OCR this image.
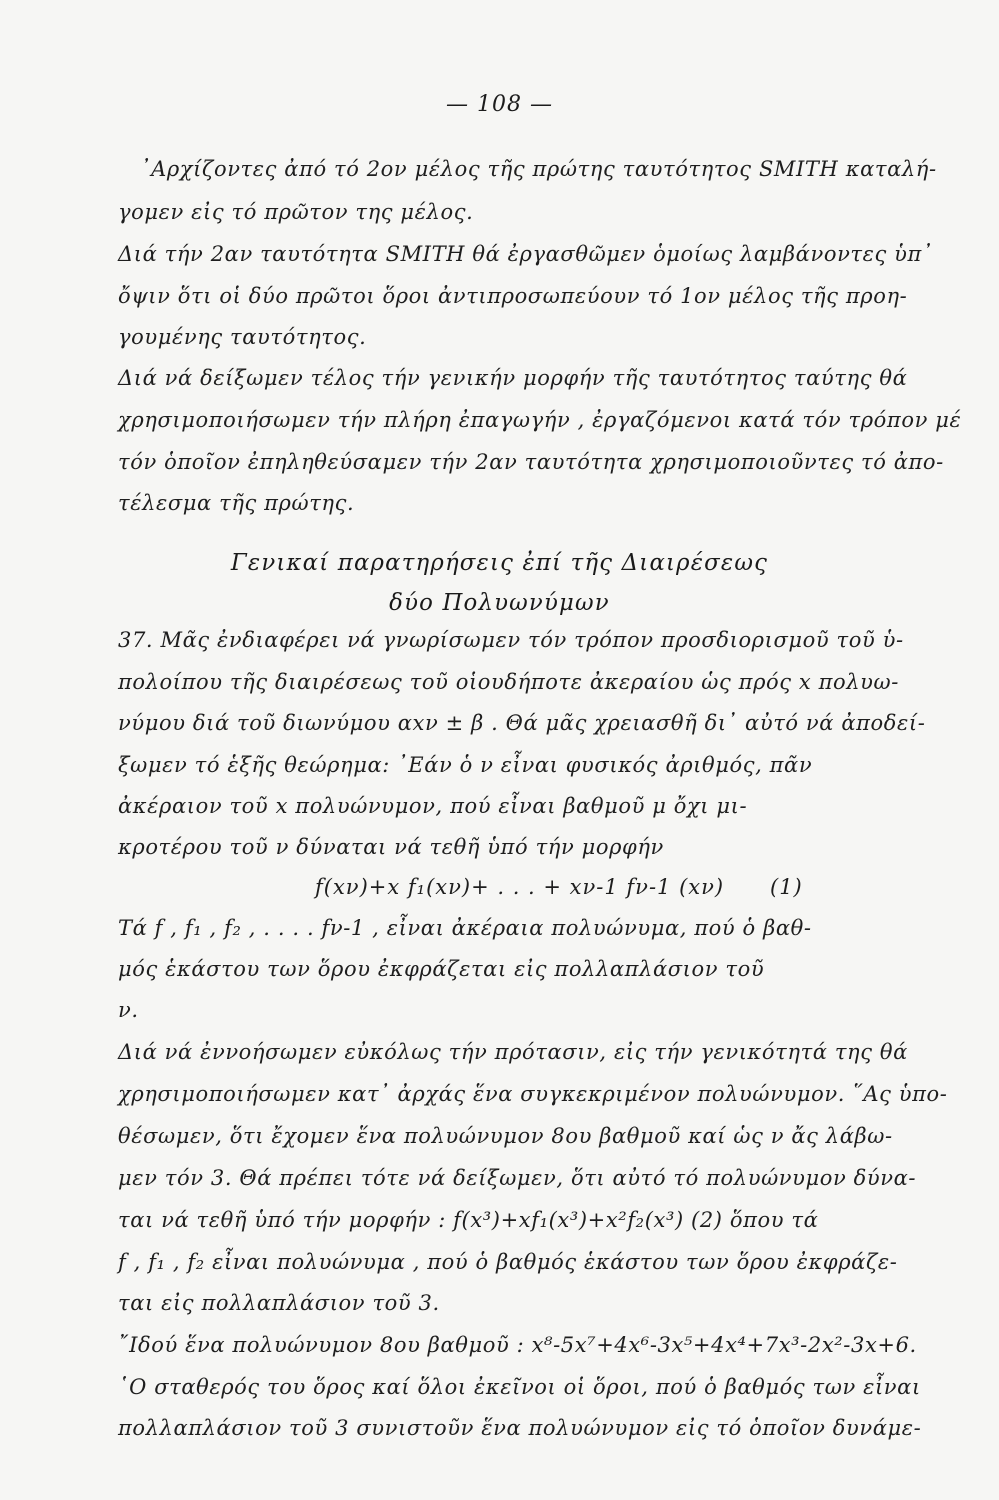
— 108 —
᾿Αρχίζοντες ἀπό τό 2ον μέλος τῆς πρώτης ταυτότητος SMITH καταλή-
γομεν εἰς τό πρῶτον της μέλος.
Διά τήν 2αν ταυτότητα SMITH θά ἐργασθῶμεν ὁμοίως λαμβάνοντες ὑπ᾿
ὄψιν ὅτι οἱ δύο πρῶτοι ὅροι ἀντιπροσωπεύουν τό 1ον μέλος τῆς προη-
γουμένης ταυτότητος.
Διά νά δείξωμεν τέλος τήν γενικήν μορφήν τῆς ταυτότητος ταύτης θά
χρησιμοποιήσωμεν τήν πλήρη ἐπαγωγήν , ἐργαζόμενοι κατά τόν τρόπον μέ
τόν ὁποῖον ἐπηληθεύσαμεν τήν 2αν ταυτότητα χρησιμοποιοῦντες τό ἀπο-
τέλεσμα τῆς πρώτης.
Γενικαί παρατηρήσεις ἐπί τῆς Διαιρέσεως
δύο Πολυωνύμων
37. Μᾶς ἐνδιαφέρει νά γνωρίσωμεν τόν τρόπον προσδιορισμοῦ τοῦ ὑ-
πολοίπου τῆς διαιρέσεως τοῦ οἱουδήποτε ἀκεραίου ὡς πρός x πολυω-
νύμου διά τοῦ διωνύμου αxν ± β . Θά μᾶς χρειασθῆ δι᾿ αὐτό νά ἀποδεί-
ξωμεν τό ἑξῆς θεώρημα: ᾿Εάν ὁ ν εἶναι φυσικός ἀριθμός, πᾶν
ἀκέραιον τοῦ x πολυώνυμον, πού εἶναι βαθμοῦ μ ὄχι μι-
κροτέρου τοῦ ν δύναται νά τεθῆ ὑπό τήν μορφήν
f(xν)+x f₁(xν)+ . . . + xν-1 fν-1 (xν) (1)
Τά f , f₁ , f₂ , . . . . fν-1 , εἶναι ἀκέραια πολυώνυμα, πού ὁ βαθ-
μός ἑκάστου των ὅρου ἐκφράζεται εἰς πολλαπλάσιον τοῦ
ν.
Διά νά ἐννοήσωμεν εὐκόλως τήν πρότασιν, εἰς τήν γενικότητά της θά
χρησιμοποιήσωμεν κατ᾿ ἀρχάς ἕνα συγκεκριμένον πολυώνυμον. ῞Ας ὑπο-
θέσωμεν, ὅτι ἔχομεν ἕνα πολυώνυμον 8ου βαθμοῦ καί ὡς ν ἄς λάβω-
μεν τόν 3. Θά πρέπει τότε νά δείξωμεν, ὅτι αὐτό τό πολυώνυμον δύνα-
ται νά τεθῆ ὑπό τήν μορφήν : f(x³)+xf₁(x³)+x²f₂(x³) (2) ὅπου τά
f , f₁ , f₂ εἶναι πολυώνυμα , πού ὁ βαθμός ἑκάστου των ὅρου ἐκφράζε-
ται εἰς πολλαπλάσιον τοῦ 3.
῎Ιδού ἕνα πολυώνυμον 8ου βαθμοῦ : x⁸-5x⁷+4x⁶-3x⁵+4x⁴+7x³-2x²-3x+6.
῾Ο σταθερός του ὅρος καί ὅλοι ἐκεῖνοι οἱ ὅροι, πού ὁ βαθμός των εἶναι
πολλαπλάσιον τοῦ 3 συνιστοῦν ἕνα πολυώνυμον εἰς τό ὁποῖον δυνάμε-
